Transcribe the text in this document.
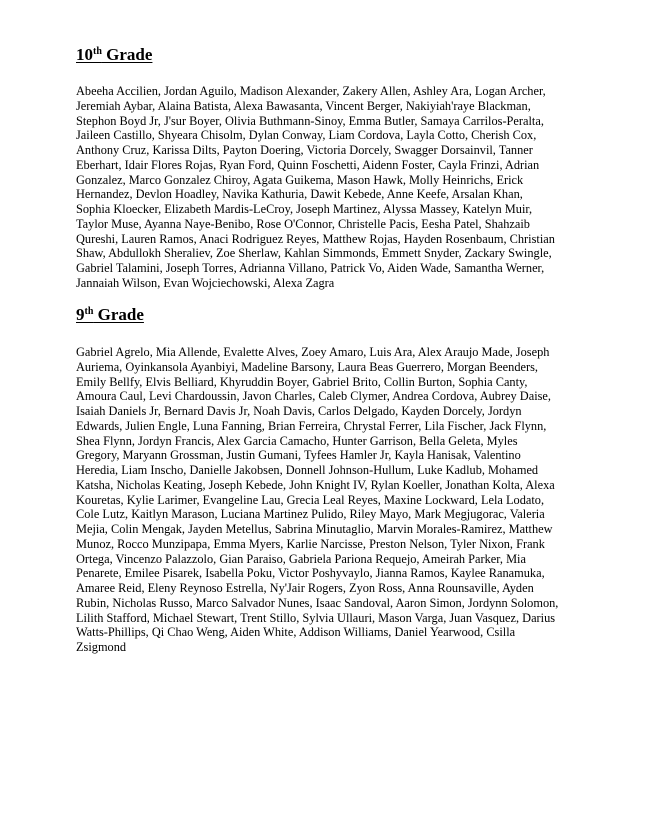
10th Grade
Abeeha Accilien, Jordan Aguilo, Madison Alexander, Zakery Allen, Ashley Ara, Logan Archer,
Jeremiah Aybar, Alaina Batista, Alexa Bawasanta, Vincent Berger, Nakiyiah'raye Blackman,
Stephon Boyd Jr, J'sur Boyer, Olivia Buthmann-Sinoy, Emma Butler, Samaya Carrilos-Peralta,
Jaileen Castillo, Shyeara Chisolm, Dylan Conway, Liam Cordova, Layla Cotto, Cherish Cox,
Anthony Cruz, Karissa Dilts, Payton Doering, Victoria Dorcely, Swagger Dorsainvil, Tanner
Eberhart, Idair Flores Rojas, Ryan Ford, Quinn Foschetti, Aidenn Foster, Cayla Frinzi, Adrian
Gonzalez, Marco Gonzalez Chiroy, Agata Guikema, Mason Hawk, Molly Heinrichs, Erick
Hernandez, Devlon Hoadley, Navika Kathuria, Dawit Kebede, Anne Keefe, Arsalan Khan,
Sophia Kloecker, Elizabeth Mardis-LeCroy, Joseph Martinez, Alyssa Massey, Katelyn Muir,
Taylor Muse, Ayanna Naye-Benibo, Rose O'Connor, Christelle Pacis, Eesha Patel, Shahzaib
Qureshi, Lauren Ramos, Anaci Rodriguez Reyes, Matthew Rojas, Hayden Rosenbaum, Christian
Shaw, Abdullokh Sheraliev, Zoe Sherlaw, Kahlan Simmonds, Emmett Snyder, Zackary Swingle,
Gabriel Talamini, Joseph Torres, Adrianna Villano, Patrick Vo, Aiden Wade, Samantha Werner,
Jannaiah Wilson, Evan Wojciechowski, Alexa Zagra
9th Grade
Gabriel Agrelo, Mia Allende, Evalette Alves, Zoey Amaro, Luis Ara, Alex Araujo Made, Joseph
Auriema, Oyinkansola Ayanbiyi, Madeline Barsony, Laura Beas Guerrero, Morgan Beenders,
Emily Bellfy, Elvis Belliard, Khyruddin Boyer, Gabriel Brito, Collin Burton, Sophia Canty,
Amoura Caul, Levi Chardoussin, Javon Charles, Caleb Clymer, Andrea Cordova, Aubrey Daise,
Isaiah Daniels Jr, Bernard Davis Jr, Noah Davis, Carlos Delgado, Kayden Dorcely, Jordyn
Edwards, Julien Engle, Luna Fanning, Brian Ferreira, Chrystal Ferrer, Lila Fischer, Jack Flynn,
Shea Flynn, Jordyn Francis, Alex Garcia Camacho, Hunter Garrison, Bella Geleta, Myles
Gregory, Maryann Grossman, Justin Gumani, Tyfees Hamler Jr, Kayla Hanisak, Valentino
Heredia, Liam Inscho, Danielle Jakobsen, Donnell Johnson-Hullum, Luke Kadlub, Mohamed
Katsha, Nicholas Keating, Joseph Kebede, John Knight IV, Rylan Koeller, Jonathan Kolta, Alexa
Kouretas, Kylie Larimer, Evangeline Lau, Grecia Leal Reyes, Maxine Lockward, Lela Lodato,
Cole Lutz, Kaitlyn Marason, Luciana Martinez Pulido, Riley Mayo, Mark Megjugorac, Valeria
Mejia, Colin Mengak, Jayden Metellus, Sabrina Minutaglio, Marvin Morales-Ramirez, Matthew
Munoz, Rocco Munzipapa, Emma Myers, Karlie Narcisse, Preston Nelson, Tyler Nixon, Frank
Ortega, Vincenzo Palazzolo, Gian Paraiso, Gabriela Pariona Requejo, Ameirah Parker, Mia
Penarete, Emilee Pisarek, Isabella Poku, Victor Poshyvaylo, Jianna Ramos, Kaylee Ranamuka,
Amaree Reid, Eleny Reynoso Estrella, Ny'Jair Rogers, Zyon Ross, Anna Rounsaville, Ayden
Rubin, Nicholas Russo, Marco Salvador Nunes, Isaac Sandoval, Aaron Simon, Jordynn Solomon,
Lilith Stafford, Michael Stewart, Trent Stillo, Sylvia Ullauri, Mason Varga, Juan Vasquez, Darius
Watts-Phillips, Qi Chao Weng, Aiden White, Addison Williams, Daniel Yearwood, Csilla
Zsigmond
